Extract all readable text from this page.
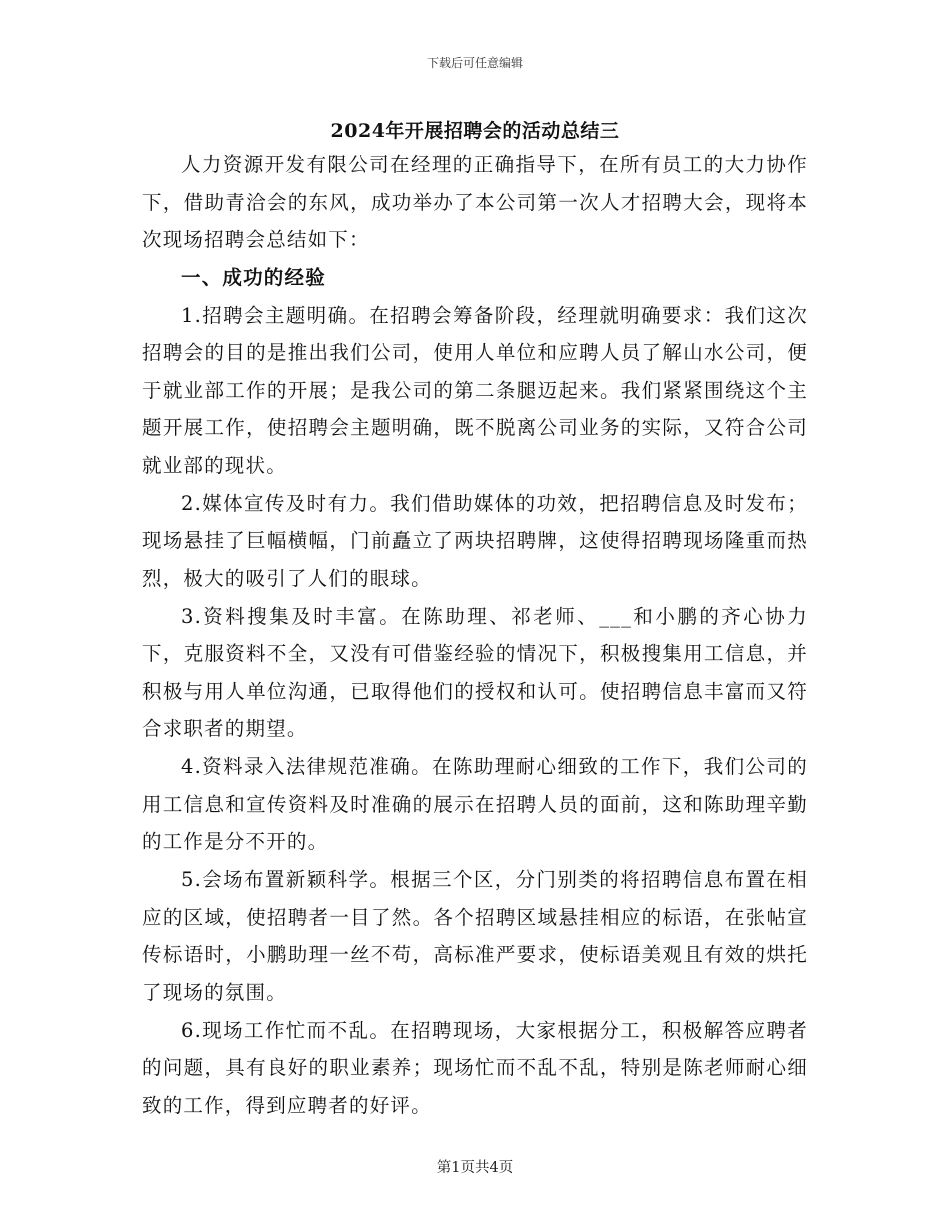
下载后可任意编辑
2024年开展招聘会的活动总结三

人力资源开发有限公司在经理的正确指导下，在所有员工的大力协作下，借助青洽会的东风，成功举办了本公司第一次人才招聘大会，现将本次现场招聘会总结如下：

一、成功的经验

1.招聘会主题明确。在招聘会筹备阶段，经理就明确要求：我们这次招聘会的目的是推出我们公司，使用人单位和应聘人员了解山水公司，便于就业部工作的开展；是我公司的第二条腿迈起来。我们紧紧围绕这个主题开展工作，使招聘会主题明确，既不脱离公司业务的实际，又符合公司就业部的现状。

2.媒体宣传及时有力。我们借助媒体的功效，把招聘信息及时发布；现场悬挂了巨幅横幅，门前矗立了两块招聘牌，这使得招聘现场隆重而热烈，极大的吸引了人们的眼球。

3.资料搜集及时丰富。在陈助理、祁老师、___和小鹏的齐心协力下，克服资料不全，又没有可借鉴经验的情况下，积极搜集用工信息，并积极与用人单位沟通，已取得他们的授权和认可。使招聘信息丰富而又符合求职者的期望。

4.资料录入法律规范准确。在陈助理耐心细致的工作下，我们公司的用工信息和宣传资料及时准确的展示在招聘人员的面前，这和陈助理辛勤的工作是分不开的。

5.会场布置新颖科学。根据三个区，分门别类的将招聘信息布置在相应的区域，使招聘者一目了然。各个招聘区域悬挂相应的标语，在张帖宣传标语时，小鹏助理一丝不苟，高标准严要求，使标语美观且有效的烘托了现场的氛围。

6.现场工作忙而不乱。在招聘现场，大家根据分工，积极解答应聘者的问题，具有良好的职业素养；现场忙而不乱不乱，特别是陈老师耐心细致的工作，得到应聘者的好评。

第1页共4页
